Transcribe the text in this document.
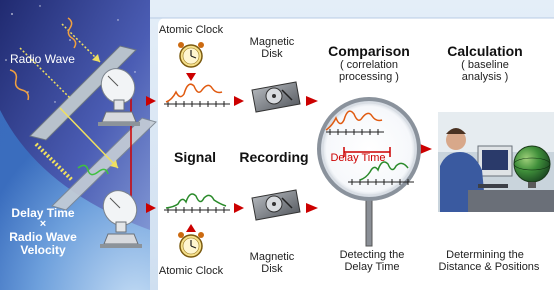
Radio Wave
Delay Time
×
Radio Wave
Velocity
Atomic Clock
Atomic Clock
Signal
Magnetic
Disk
Magnetic
Disk
Recording
Comparison
( correlation
processing )
Delay Time
Detecting the
Delay Time
Calculation
( baseline
analysis )
Determining the
Distance & Positions
